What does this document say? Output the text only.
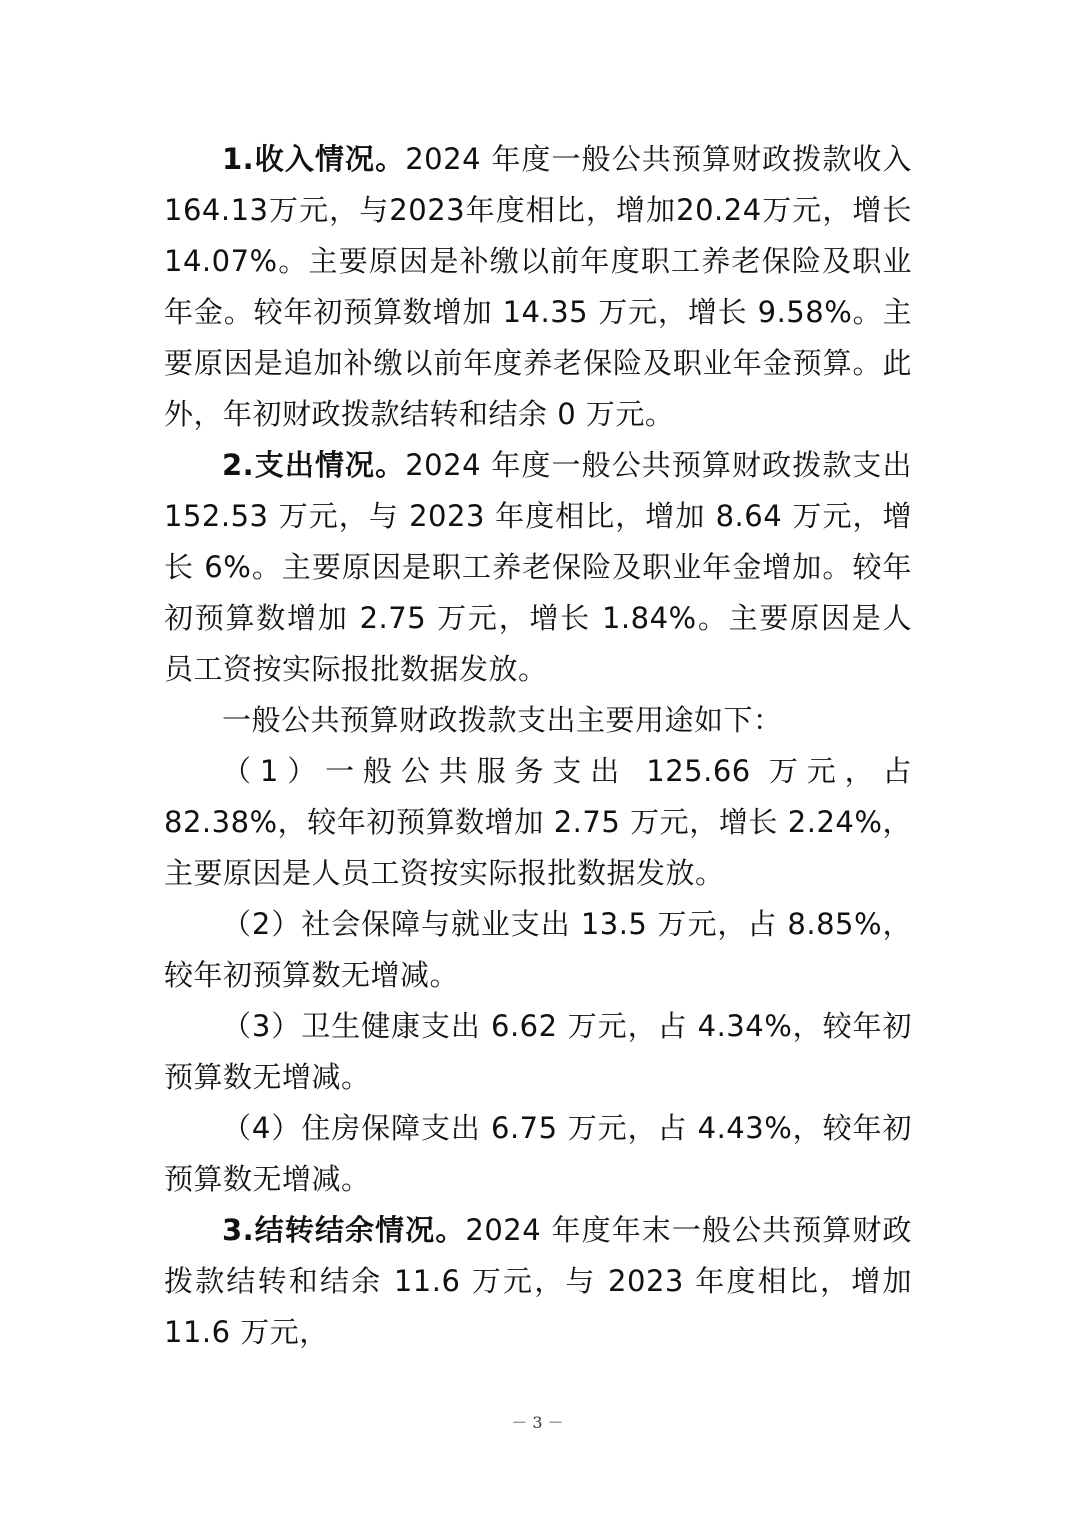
1.收入情况。2024 年度一般公共预算财政拨款收入164.13万元，与2023年度相比，增加20.24万元，增长14.07%。主要原因是补缴以前年度职工养老保险及职业年金。较年初预算数增加 14.35 万元，增长 9.58%。主要原因是追加补缴以前年度养老保险及职业年金预算。此外，年初财政拨款结转和结余 0 万元。

2.支出情况。2024 年度一般公共预算财政拨款支出152.53 万元，与 2023 年度相比，增加 8.64 万元，增长 6%。主要原因是职工养老保险及职业年金增加。较年初预算数增加 2.75 万元，增长 1.84%。主要原因是人员工资按实际报批数据发放。

一般公共预算财政拨款支出主要用途如下：

（1）一般公共服务支出 125.66 万元，占 82.38%，较年初预算数增加 2.75 万元，增长 2.24%，主要原因是人员工资按实际报批数据发放。

（2）社会保障与就业支出 13.5 万元，占 8.85%，较年初预算数无增减。

（3）卫生健康支出 6.62 万元，占 4.34%，较年初预算数无增减。

（4）住房保障支出 6.75 万元，占 4.43%，较年初预算数无增减。

3.结转结余情况。2024 年度年末一般公共预算财政拨款结转和结余 11.6 万元，与 2023 年度相比，增加 11.6 万元，

－ 3 －
